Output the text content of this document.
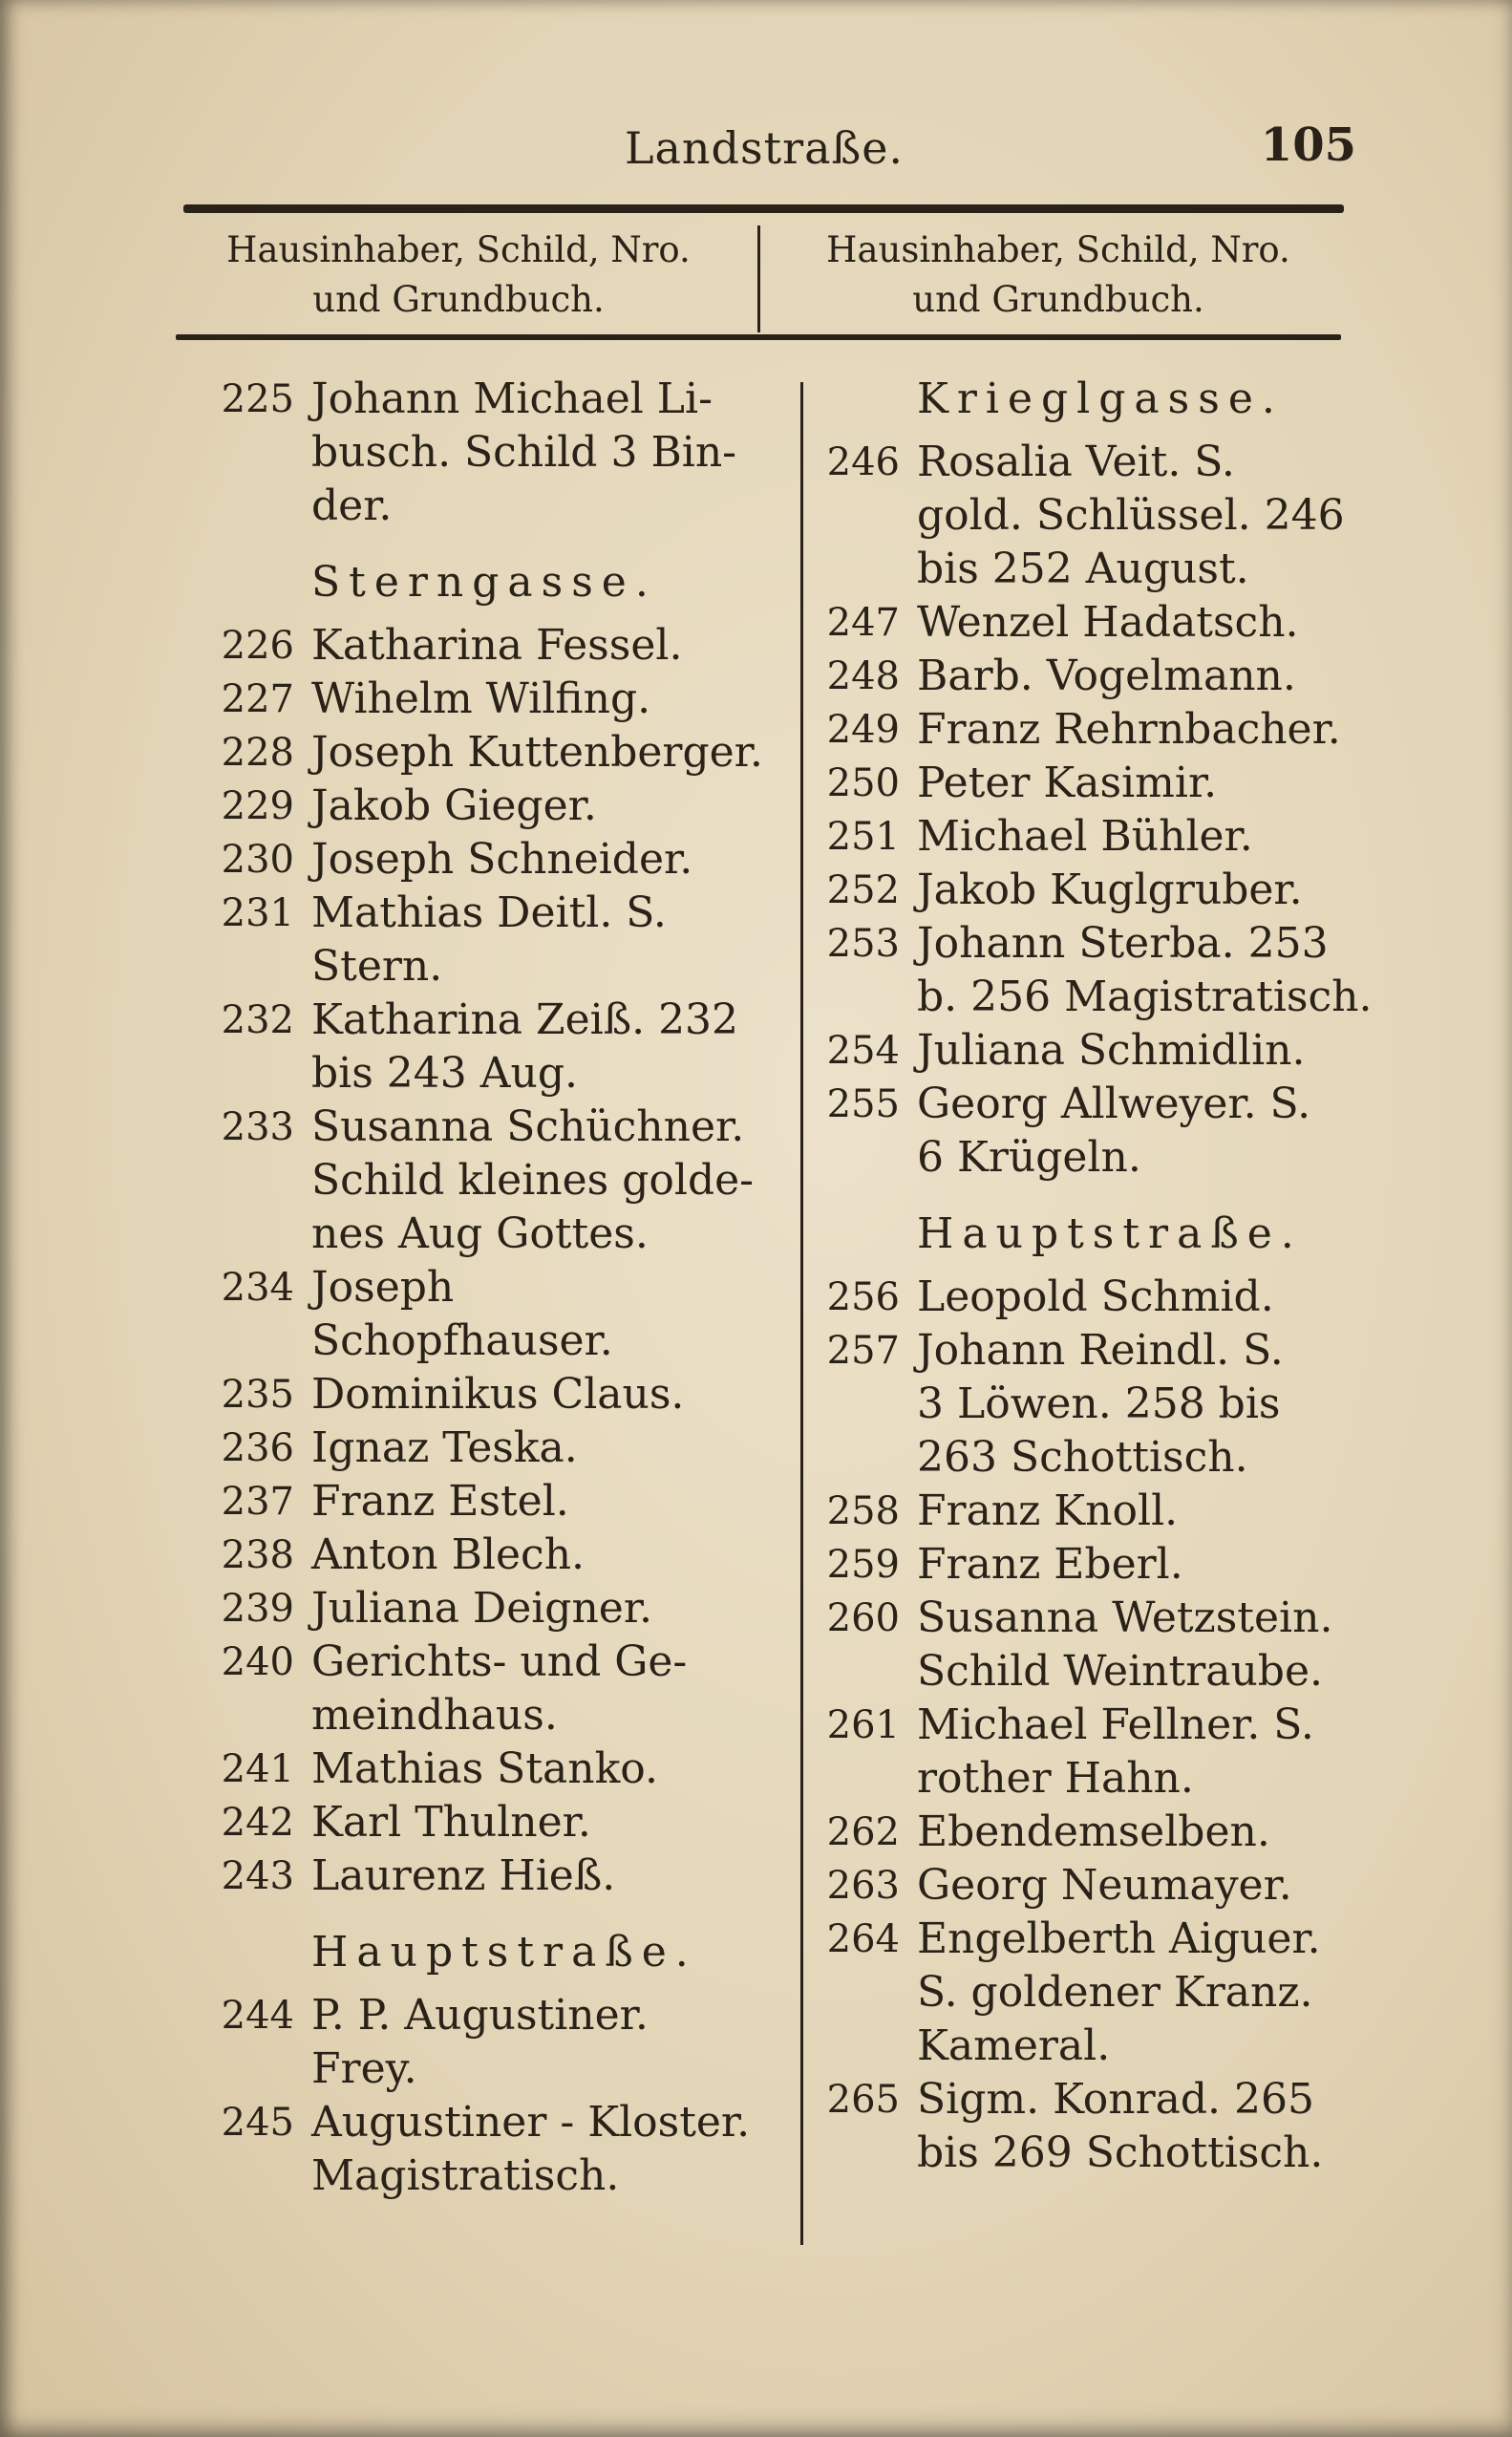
Landstraße.	105
Hausinhaber, Schild, Nro.
und Grundbuch.
Hausinhaber, Schild, Nro.
und Grundbuch.
225 Johann Michael Li-
busch. Schild 3 Bin-
der.
Sterngasse.
226 Katharina Fessel.
227 Wihelm Wilfing.
228 Joseph Kuttenberger.
229 Jakob Gieger.
230 Joseph Schneider.
231 Mathias Deitl. S.
Stern.
232 Katharina Zeiß. 232
bis 243 Aug.
233 Susanna Schüchner.
Schild kleines golde-
nes Aug Gottes.
234 Joseph Schopfhauser.
235 Dominikus Claus.
236 Ignaz Teska.
237 Franz Estel.
238 Anton Blech.
239 Juliana Deigner.
240 Gerichts- und Ge-
meindhaus.
241 Mathias Stanko.
242 Karl Thulner.
243 Laurenz Hieß.
Hauptstraße.
244 P. P. Augustiner.
Frey.
245 Augustiner - Kloster.
Magistratisch.
Krieglgasse.
246 Rosalia Veit. S.
gold. Schlüssel. 246
bis 252 August.
247 Wenzel Hadatsch.
248 Barb. Vogelmann.
249 Franz Rehrnbacher.
250 Peter Kasimir.
251 Michael Bühler.
252 Jakob Kuglgruber.
253 Johann Sterba. 253
b. 256 Magistratisch.
254 Juliana Schmidlin.
255 Georg Allweyer. S.
6 Krügeln.
Hauptstraße.
256 Leopold Schmid.
257 Johann Reindl. S.
3 Löwen. 258 bis
263 Schottisch.
258 Franz Knoll.
259 Franz Eberl.
260 Susanna Wetzstein.
Schild Weintraube.
261 Michael Fellner. S.
rother Hahn.
262 Ebendemselben.
263 Georg Neumayer.
264 Engelberth Aiguer.
S. goldener Kranz.
Kameral.
265 Sigm. Konrad. 265
bis 269 Schottisch.
